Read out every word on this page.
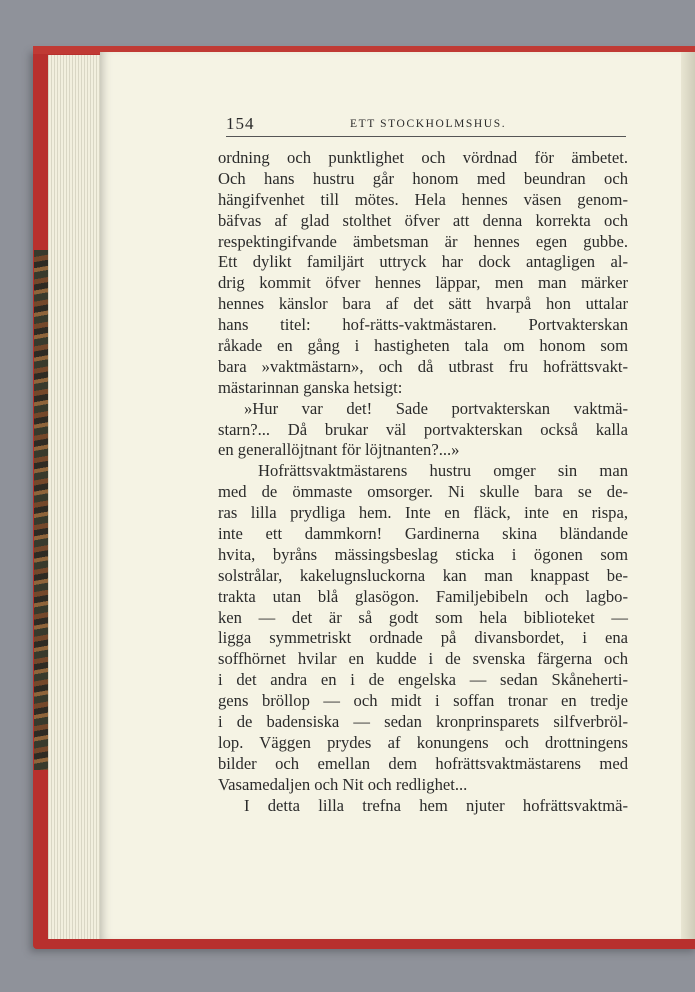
154	ETT STOCKHOLMSHUS.
ordning och punktlighet och vördnad för ämbetet.
Och hans hustru går honom med beundran och
hängifvenhet till mötes. Hela hennes väsen genom-
bäfvas af glad stolthet öfver att denna korrekta och
respektingifvande ämbetsman är hennes egen gubbe.
Ett dylikt familjärt uttryck har dock antagligen al-
drig kommit öfver hennes läppar, men man märker
hennes känslor bara af det sätt hvarpå hon uttalar
hans titel: hof-rätts-vaktmästaren. Portvakterskan
råkade en gång i hastigheten tala om honom som
bara »vaktmästarn», och då utbrast fru hofrättsvakt-
mästarinnan ganska hetsigt:
»Hur var det! Sade portvakterskan vaktmä-
starn?... Då brukar väl portvakterskan också kalla
en generallöjtnant för löjtnanten?...»
Hofrättsvaktmästarens hustru omger sin man
med de ömmaste omsorger. Ni skulle bara se de-
ras lilla prydliga hem. Inte en fläck, inte en rispa,
inte ett dammkorn! Gardinerna skina bländande
hvita, byråns mässingsbeslag sticka i ögonen som
solstrålar, kakelugnsluckorna kan man knappast be-
trakta utan blå glasögon. Familjebibeln och lagbo-
ken — det är så godt som hela biblioteket —
ligga symmetriskt ordnade på divansbordet, i ena
soffhörnet hvilar en kudde i de svenska färgerna och
i det andra en i de engelska — sedan Skåneherti-
gens bröllop — och midt i soffan tronar en tredje
i de badensiska — sedan kronprinsparets silfverbröl-
lop. Väggen prydes af konungens och drottningens
bilder och emellan dem hofrättsvaktmästarens med
Vasamedaljen och Nit och redlighet...
I detta lilla trefna hem njuter hofrättsvaktmä-
